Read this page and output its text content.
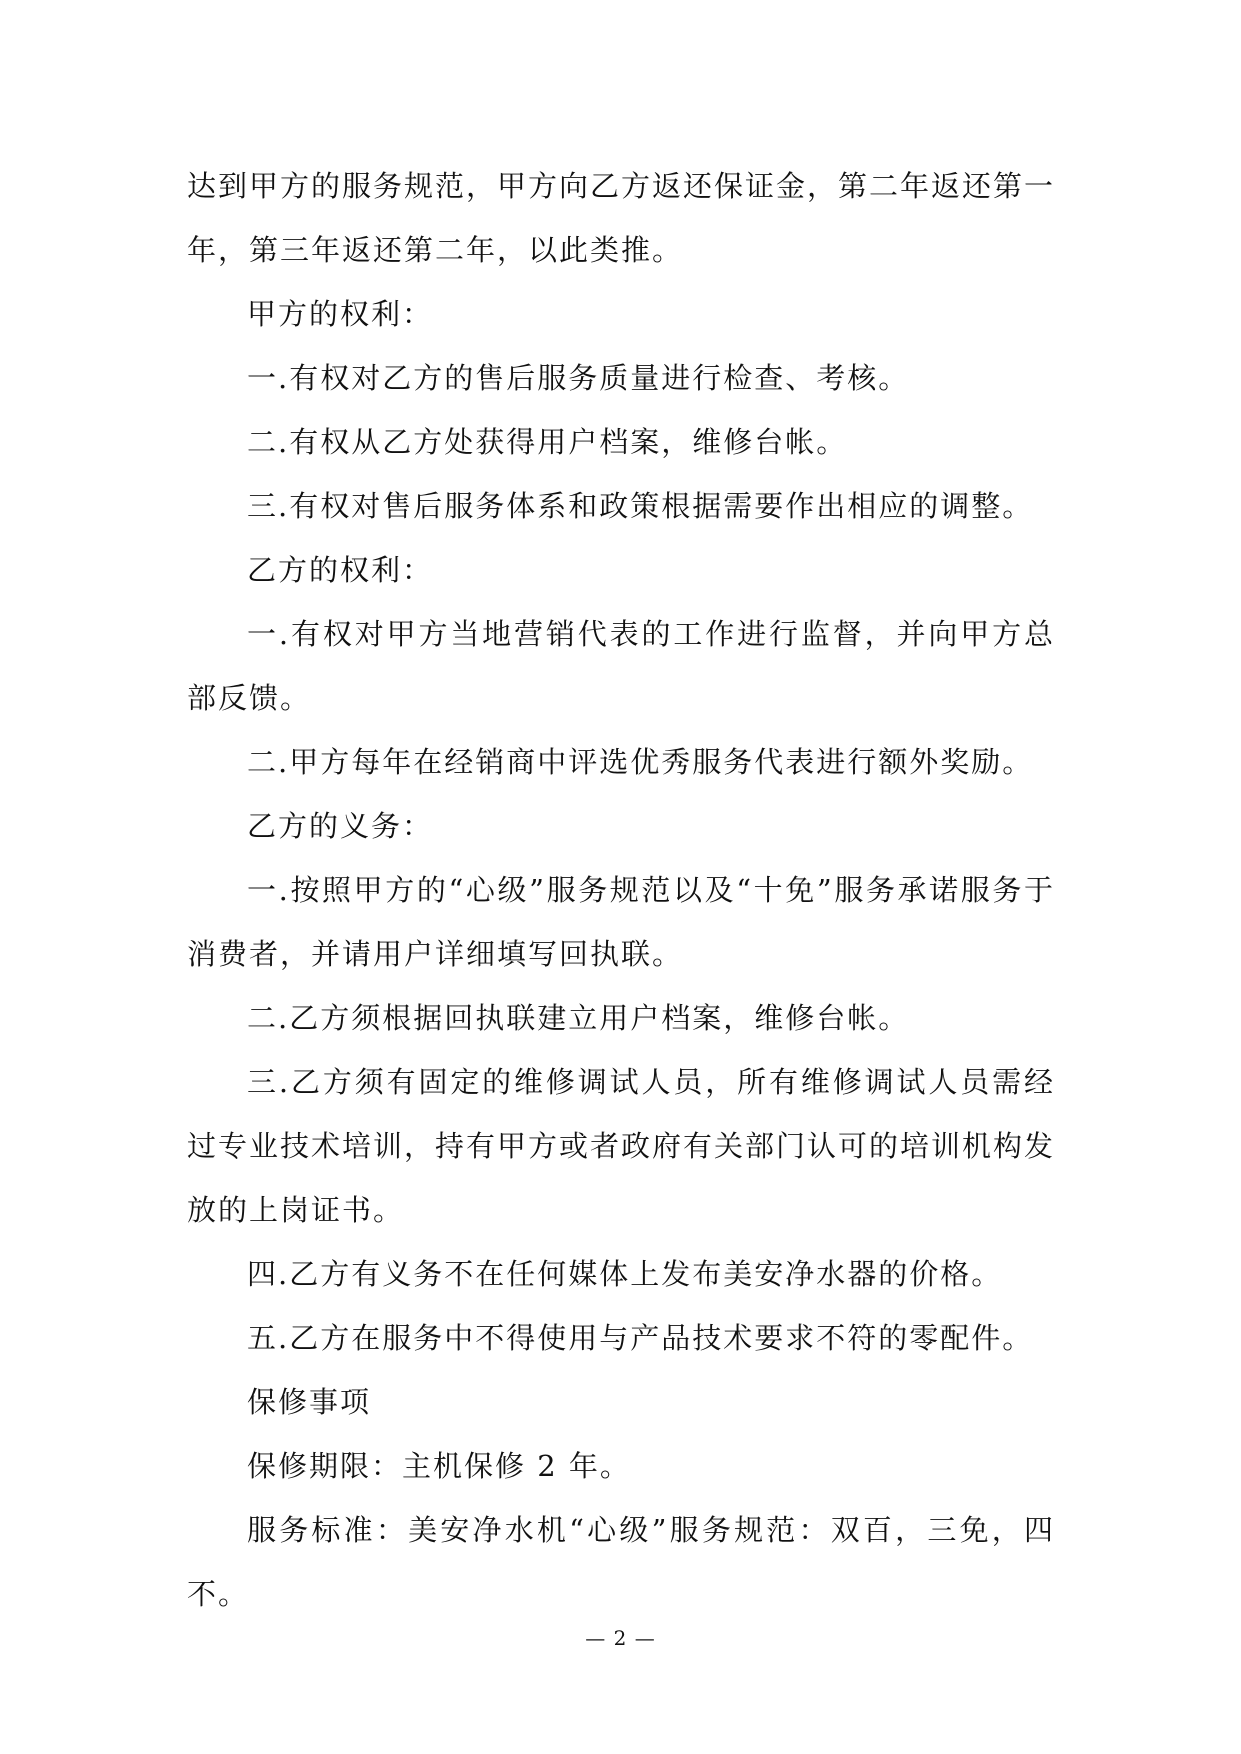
达到甲方的服务规范，甲方向乙方返还保证金，第二年返还第一年，第三年返还第二年，以此类推。

甲方的权利：

一.有权对乙方的售后服务质量进行检查、考核。

二.有权从乙方处获得用户档案，维修台帐。

三.有权对售后服务体系和政策根据需要作出相应的调整。

乙方的权利：

一.有权对甲方当地营销代表的工作进行监督，并向甲方总部反馈。

二.甲方每年在经销商中评选优秀服务代表进行额外奖励。

乙方的义务：

一.按照甲方的“心级”服务规范以及“十免”服务承诺服务于消费者，并请用户详细填写回执联。

二.乙方须根据回执联建立用户档案，维修台帐。

三.乙方须有固定的维修调试人员，所有维修调试人员需经过专业技术培训，持有甲方或者政府有关部门认可的培训机构发放的上岗证书。

四.乙方有义务不在任何媒体上发布美安净水器的价格。

五.乙方在服务中不得使用与产品技术要求不符的零配件。

保修事项

保修期限：主机保修 2 年。

服务标准：美安净水机“心级”服务规范：双百，三免，四不。

— 2 —
